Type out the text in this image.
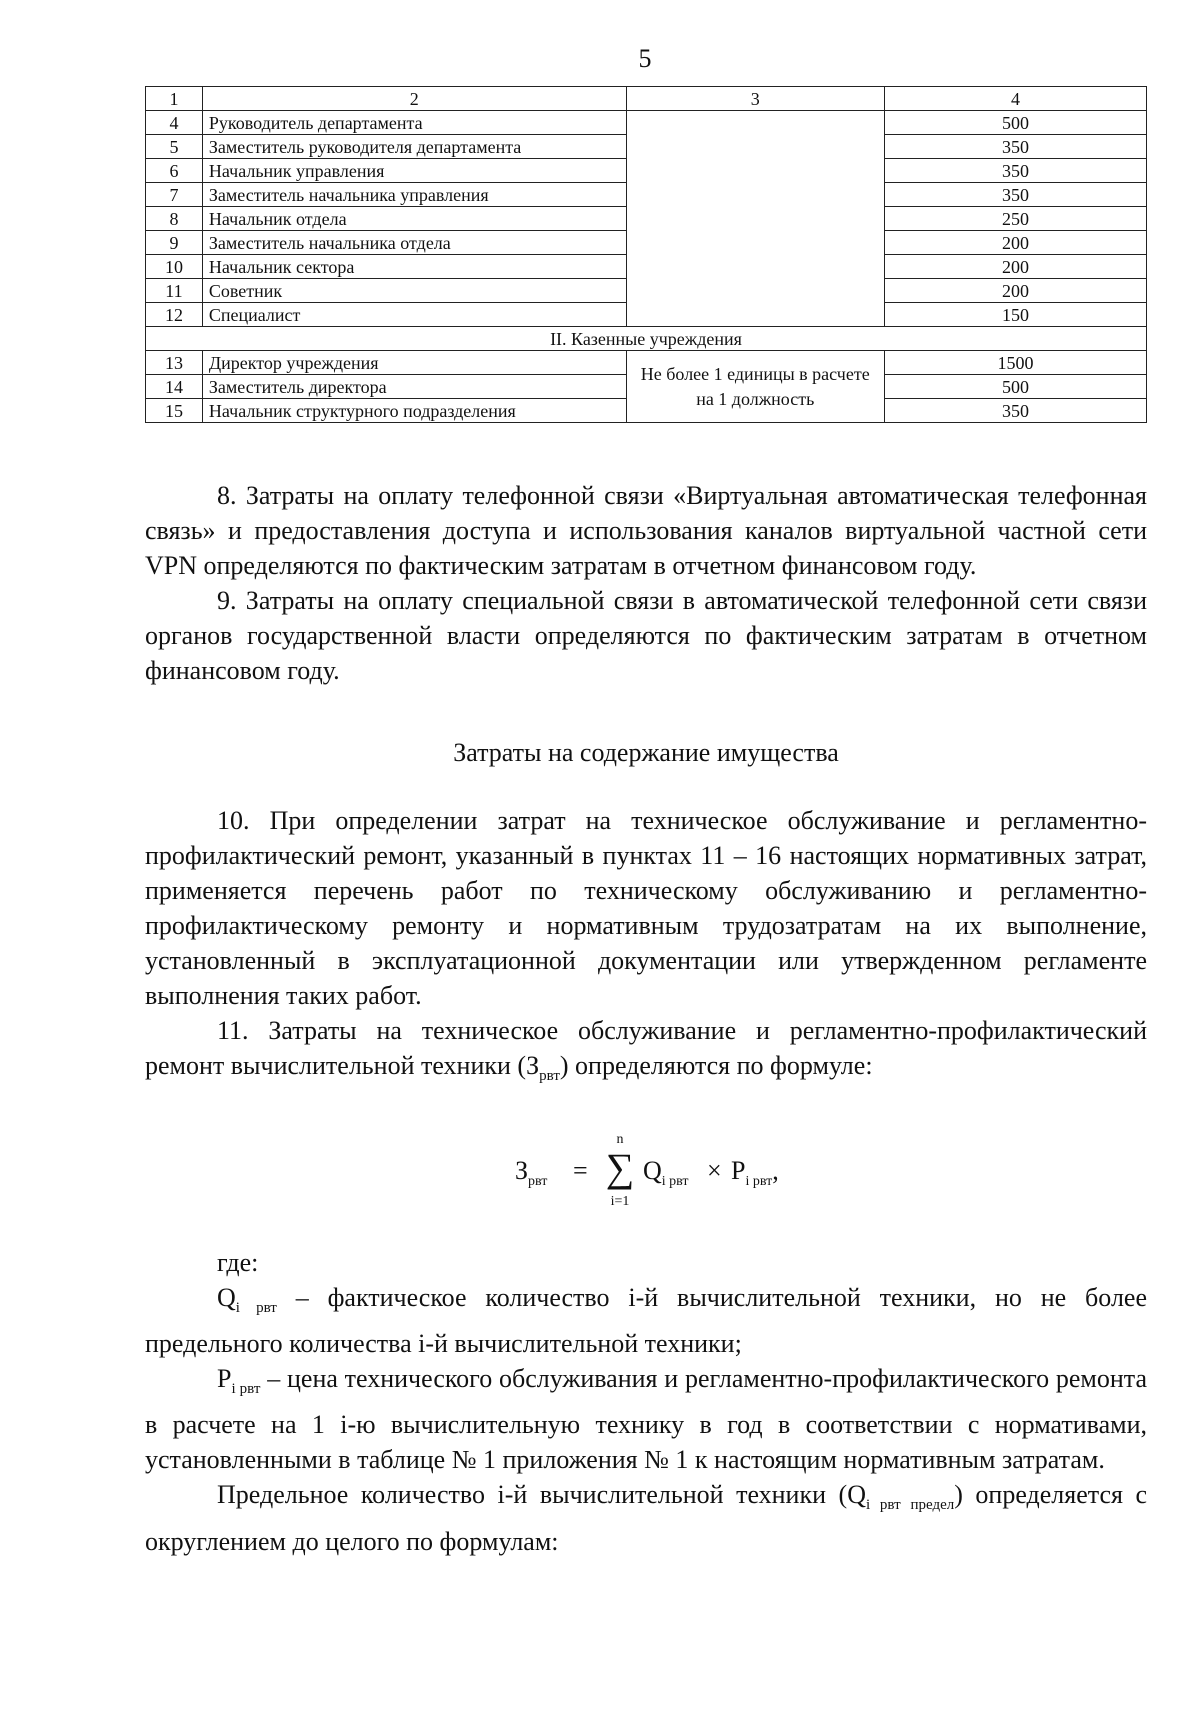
5
1	2	3	4
4	Руководитель департамента		500
5	Заместитель руководителя департамента		350
6	Начальник управления		350
7	Заместитель начальника управления		350
8	Начальник отдела		250
9	Заместитель начальника отдела		200
10	Начальник сектора		200
11	Советник		200
12	Специалист		150
II. Казенные учреждения			
13	Директор учреждения	Не более 1 единицы в расчете на 1 должность	1500
14	Заместитель директора		500
15	Начальник структурного подразделения		350

8. Затраты на оплату телефонной связи «Виртуальная автоматическая телефонная связь» и предоставления доступа и использования каналов виртуальной частной сети VPN определяются по фактическим затратам в отчетном финансовом году.

9. Затраты на оплату специальной связи в автоматической телефонной сети связи органов государственной власти определяются по фактическим затратам в отчетном финансовом году.

Затраты на содержание имущества

10. При определении затрат на техническое обслуживание и регламентно-профилактический ремонт, указанный в пунктах 11 – 16 настоящих нормативных затрат, применяется перечень работ по техническому обслуживанию и регламентно-профилактическому ремонту и нормативным трудозатратам на их выполнение, установленный в эксплуатационной документации или утвержденном регламенте выполнения таких работ.

11. Затраты на техническое обслуживание и регламентно-профилактический ремонт вычислительной техники $(З_{рвт})$ определяются по формуле:

$З_{рвт}$ =
n
∑
i=1
$Q_{i рвт} \times P_{i рвт}$,

где:

$Q_{i рвт}$ – фактическое количество i-й вычислительной техники, но не более предельного количества i-й вычислительной техники;

$P_{i рвт}$ – цена технического обслуживания и регламентно-профилактического ремонта в расчете на 1 i-ю вычислительную технику в год в соответствии с нормативами, установленными в таблице № 1 приложения № 1 к настоящим нормативным затратам.

Предельное количество i-й вычислительной техники $(Q_{i рвт предел})$ определяется с округлением до целого по формулам:
